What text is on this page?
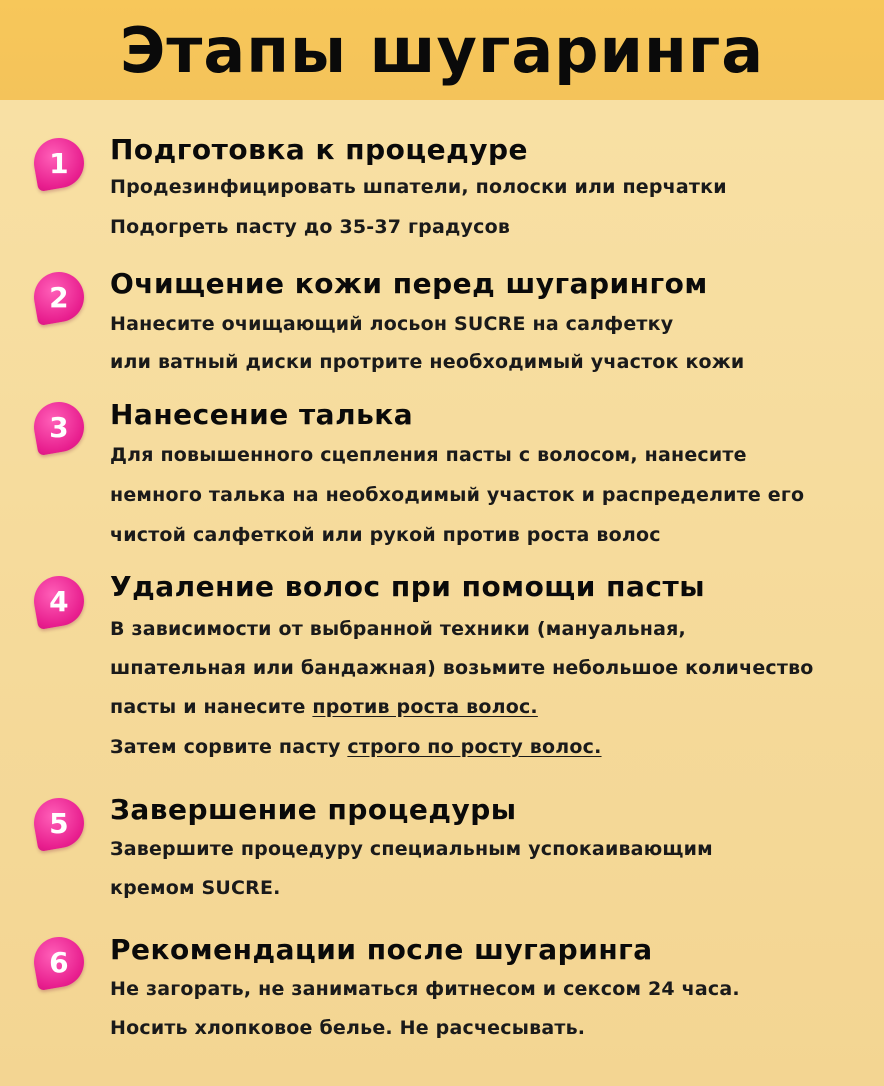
Этапы шугаринга
1 Подготовка к процедуре

Продезинфицировать шпатели, полоски или перчатки

Подогреть пасту до 35-37 градусов

2 Очищение кожи перед шугарингом

Нанесите очищающий лосьон SUCRE на салфетку

или ватный диски протрите необходимый участок кожи

3 Нанесение талька

Для повышенного сцепления пасты с волосом, нанесите

немного талька на необходимый участок и распределите его

чистой салфеткой или рукой против роста волос

4 Удаление волос при помощи пасты

В зависимости от выбранной техники (мануальная,

шпательная или бандажная) возьмите небольшое количество

пасты и нанесите против роста волос.

Затем сорвите пасту строго по росту волос.

5 Завершение процедуры

Завершите процедуру специальным успокаивающим

кремом SUCRE.

6 Рекомендации после шугаринга

Не загорать, не заниматься фитнесом и сексом 24 часа.

Носить хлопковое белье. Не расчесывать.
